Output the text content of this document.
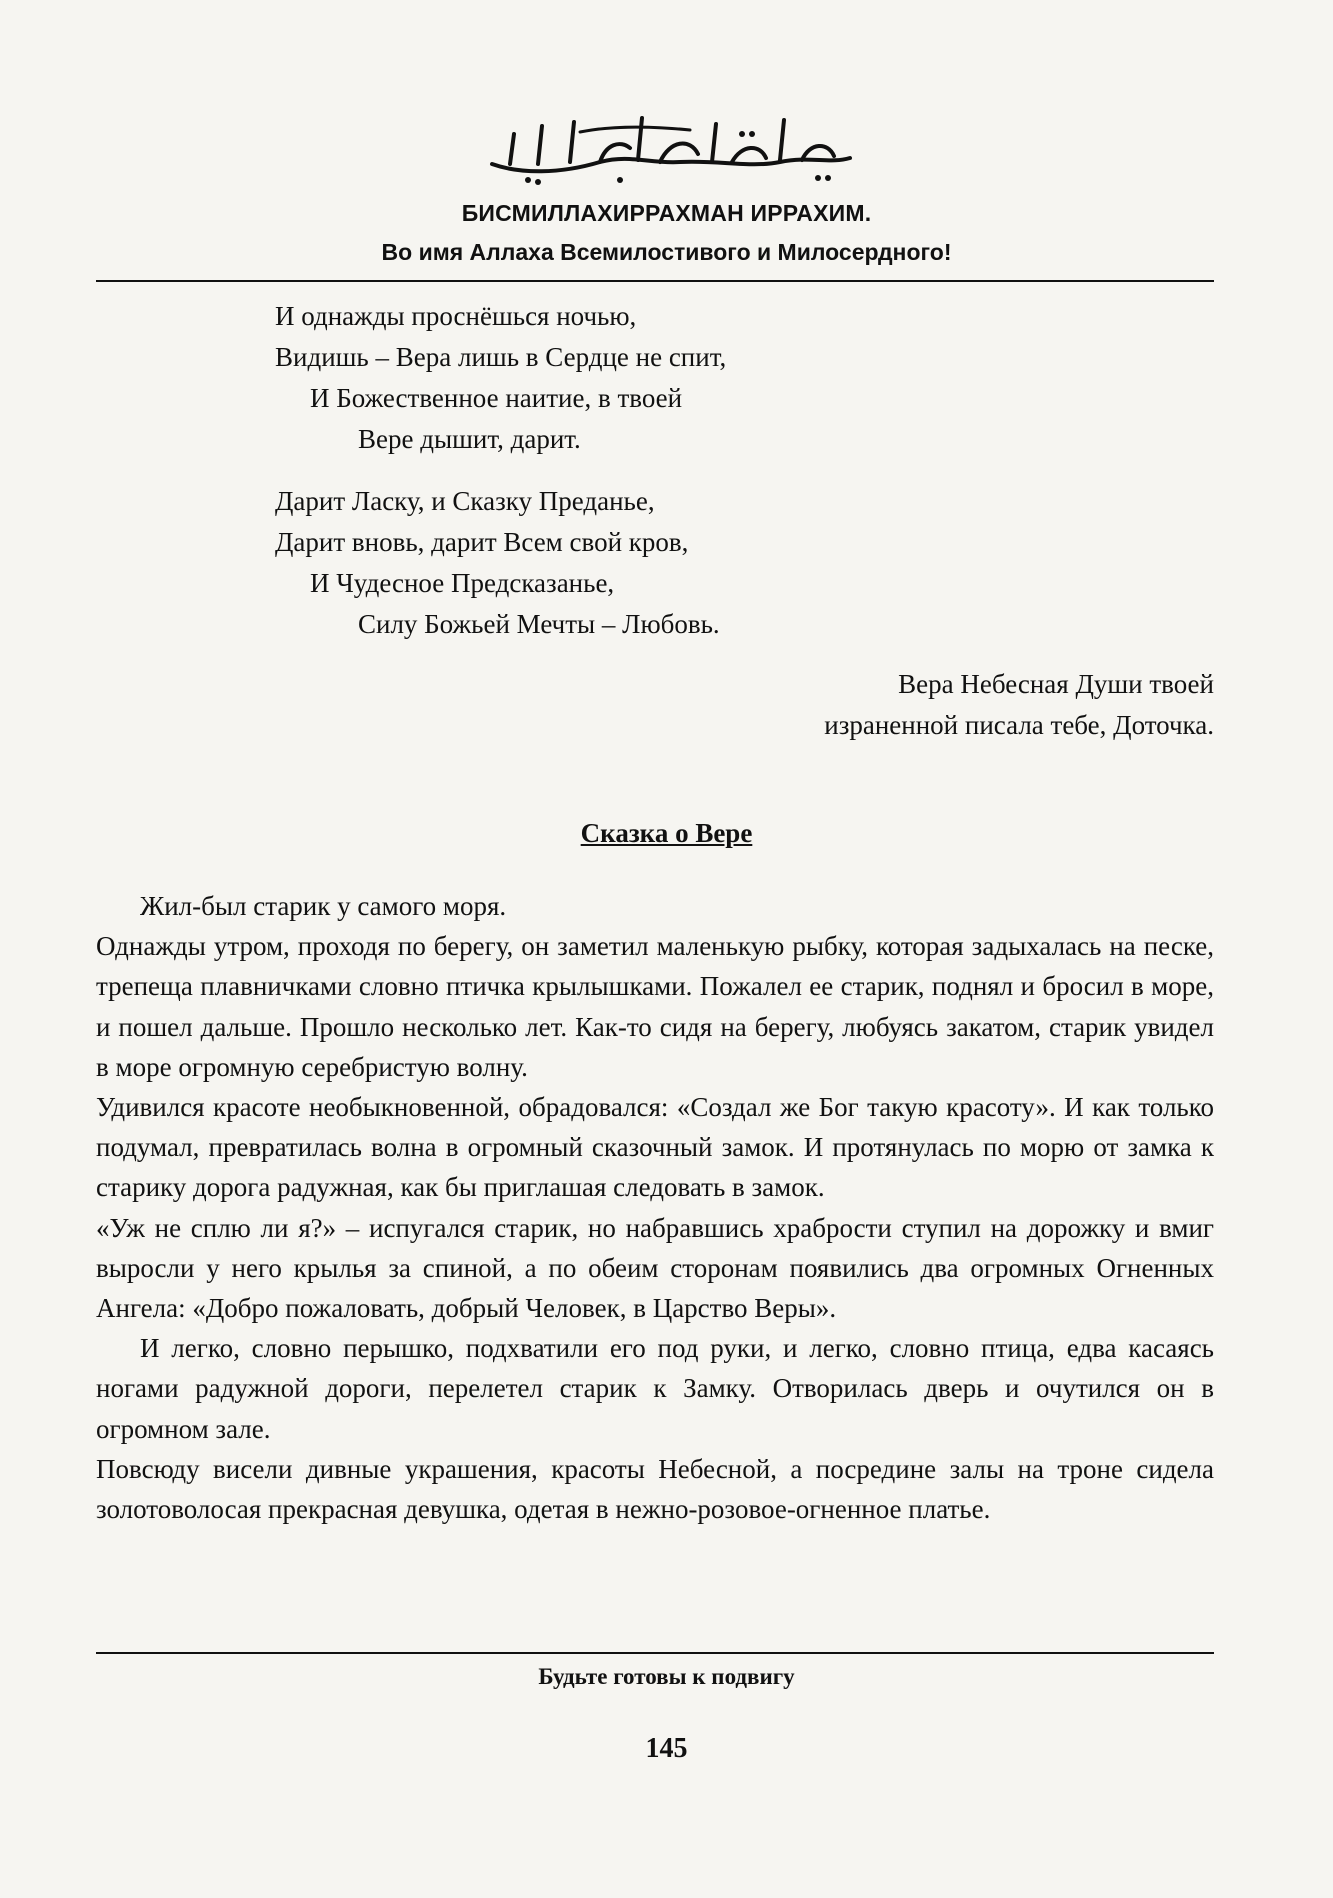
БИСМИЛЛАХИРРАХМАН ИРРАХИМ.
Во имя Аллаха Всемилостивого и Милосердного!
И однажды проснёшься ночью,
Видишь – Вера лишь в Сердце не спит,
И Божественное наитие, в твоей
Вере дышит, дарит.
Дарит Ласку, и Сказку Преданье,
Дарит вновь, дарит Всем свой кров,
И Чудесное Предсказанье,
Силу Божьей Мечты – Любовь.
Вера Небесная Души твоей
израненной писала тебе, Доточка.
Сказка о Вере

Жил-был старик у самого моря.

Однажды утром, проходя по берегу, он заметил маленькую рыбку, которая задыхалась на песке, трепеща плавничками словно птичка крылышками. Пожалел ее старик, поднял и бросил в море, и пошел дальше. Прошло несколько лет. Как-то сидя на берегу, любуясь закатом, старик увидел в море огромную серебристую волну.

Удивился красоте необыкновенной, обрадовался: «Создал же Бог такую красоту». И как только подумал, превратилась волна в огромный сказочный замок. И протянулась по морю от замка к старику дорога радужная, как бы приглашая следовать в замок.

«Уж не сплю ли я?» – испугался старик, но набравшись храбрости ступил на дорожку и вмиг выросли у него крылья за спиной, а по обеим сторонам появились два огромных Огненных Ангела: «Добро пожаловать, добрый Человек, в Царство Веры».

И легко, словно перышко, подхватили его под руки, и легко, словно птица, едва касаясь ногами радужной дороги, перелетел старик к Замку. Отворилась дверь и очутился он в огромном зале.

Повсюду висели дивные украшения, красоты Небесной, а посредине залы на троне сидела золотоволосая прекрасная девушка, одетая в нежно-розовое-огненное платье.

Будьте готовы к подвигу
145
